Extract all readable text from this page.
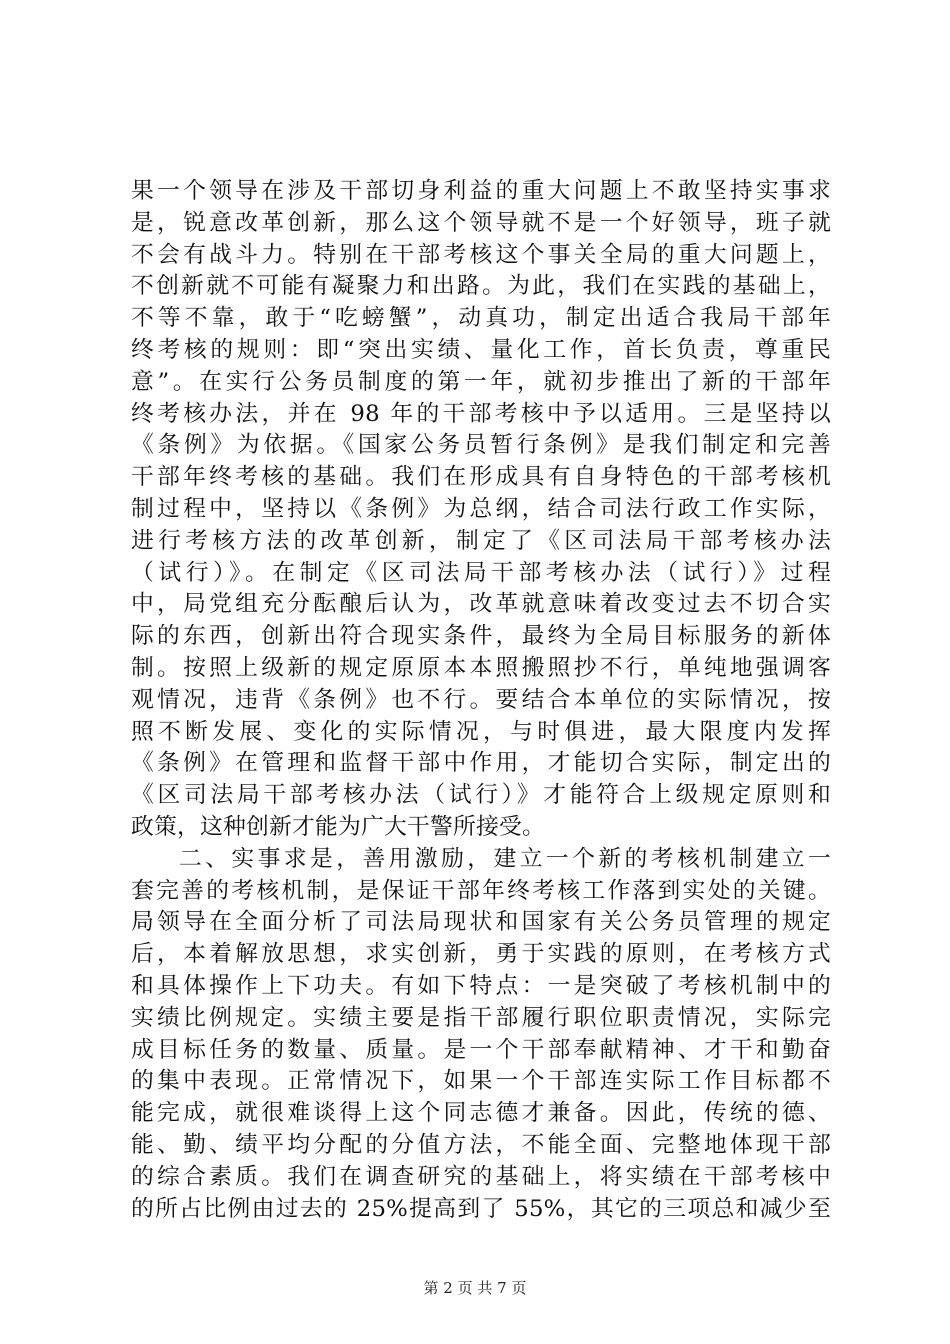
果一个领导在涉及干部切身利益的重大问题上不敢坚持实事求
是，锐意改革创新，那么这个领导就不是一个好领导，班子就
不会有战斗力。特别在干部考核这个事关全局的重大问题上，
不创新就不可能有凝聚力和出路。为此，我们在实践的基础上，
不等不靠，敢于“吃螃蟹”，动真功，制定出适合我局干部年
终考核的规则：即“突出实绩、量化工作，首长负责，尊重民
意”。在实行公务员制度的第一年，就初步推出了新的干部年
终考核办法，并在 98 年的干部考核中予以适用。三是坚持以
《条例》为依据。《国家公务员暂行条例》是我们制定和完善
干部年终考核的基础。我们在形成具有自身特色的干部考核机
制过程中，坚持以《条例》为总纲，结合司法行政工作实际，
进行考核方法的改革创新，制定了《区司法局干部考核办法
（试行）》。在制定《区司法局干部考核办法（试行）》过程
中，局党组充分酝酿后认为，改革就意味着改变过去不切合实
际的东西，创新出符合现实条件，最终为全局目标服务的新体
制。按照上级新的规定原原本本照搬照抄不行，单纯地强调客
观情况，违背《条例》也不行。要结合本单位的实际情况，按
照不断发展、变化的实际情况，与时俱进，最大限度内发挥
《条例》在管理和监督干部中作用，才能切合实际，制定出的
《区司法局干部考核办法（试行）》才能符合上级规定原则和
政策，这种创新才能为广大干警所接受。
二、实事求是，善用激励，建立一个新的考核机制建立一
套完善的考核机制，是保证干部年终考核工作落到实处的关键。
局领导在全面分析了司法局现状和国家有关公务员管理的规定
后，本着解放思想，求实创新，勇于实践的原则，在考核方式
和具体操作上下功夫。有如下特点：一是突破了考核机制中的
实绩比例规定。实绩主要是指干部履行职位职责情况，实际完
成目标任务的数量、质量。是一个干部奉献精神、才干和勤奋
的集中表现。正常情况下，如果一个干部连实际工作目标都不
能完成，就很难谈得上这个同志德才兼备。因此，传统的德、
能、勤、绩平均分配的分值方法，不能全面、完整地体现干部
的综合素质。我们在调查研究的基础上，将实绩在干部考核中
的所占比例由过去的 25%提高到了 55%，其它的三项总和减少至
第 2 页 共 7 页
